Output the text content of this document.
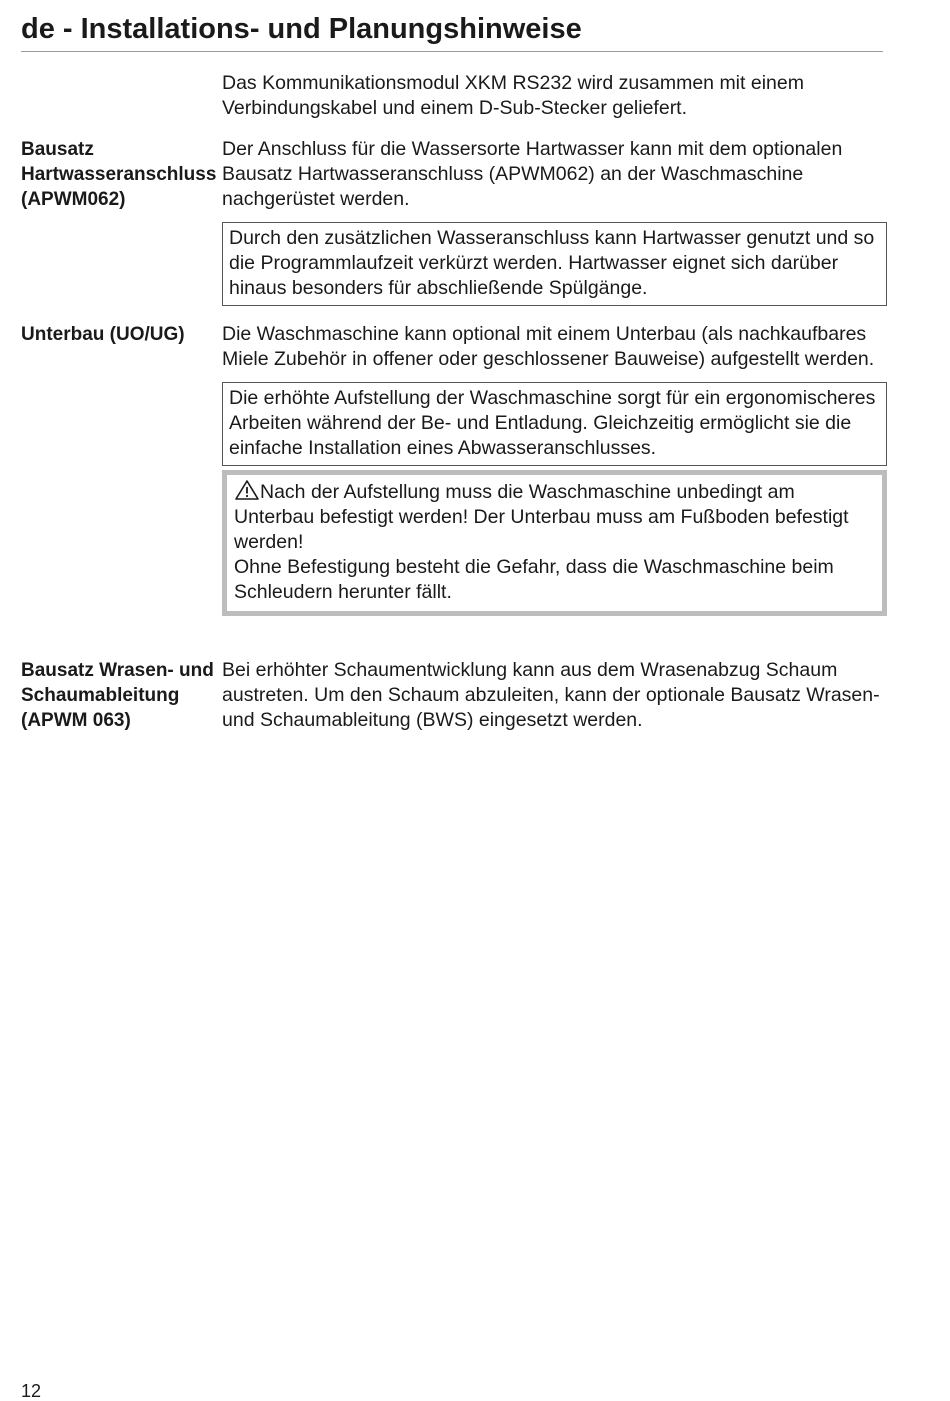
de - Installations- und Planungshinweise

Das Kommunikationsmodul XKM RS232 wird zusammen mit einem Verbindungskabel und einem D-Sub-Stecker geliefert.

Bausatz Hartwasseranschluss (APWM062)

Der Anschluss für die Wassersorte Hartwasser kann mit dem optionalen Bausatz Hartwasseranschluss (APWM062) an der Waschmaschine nachgerüstet werden.

Durch den zusätzlichen Wasseranschluss kann Hartwasser genutzt und so die Programmlaufzeit verkürzt werden. Hartwasser eignet sich darüber hinaus besonders für abschließende Spülgänge.
Unterbau (UO/UG)	Die Waschmaschine kann optional mit einem Unterbau (als nachkaufbares Miele Zubehör in offener oder geschlossener Bauweise) aufgestellt werden.

Die erhöhte Aufstellung der Waschmaschine sorgt für ein ergonomischeres Arbeiten während der Be- und Entladung. Gleichzeitig ermöglicht sie die einfache Installation eines Abwasseranschlusses.
Nach der Aufstellung muss die Waschmaschine unbedingt am Unterbau befestigt werden! Der Unterbau muss am Fußboden befestigt werden!
Ohne Befestigung besteht die Gefahr, dass die Waschmaschine beim Schleudern herunter fällt.
Bausatz Wrasen- und Schaumableitung (APWM 063)

Bei erhöhter Schaumentwicklung kann aus dem Wrasenabzug Schaum austreten. Um den Schaum abzuleiten, kann der optionale Bausatz Wrasen- und Schaumableitung (BWS) eingesetzt werden.

12
